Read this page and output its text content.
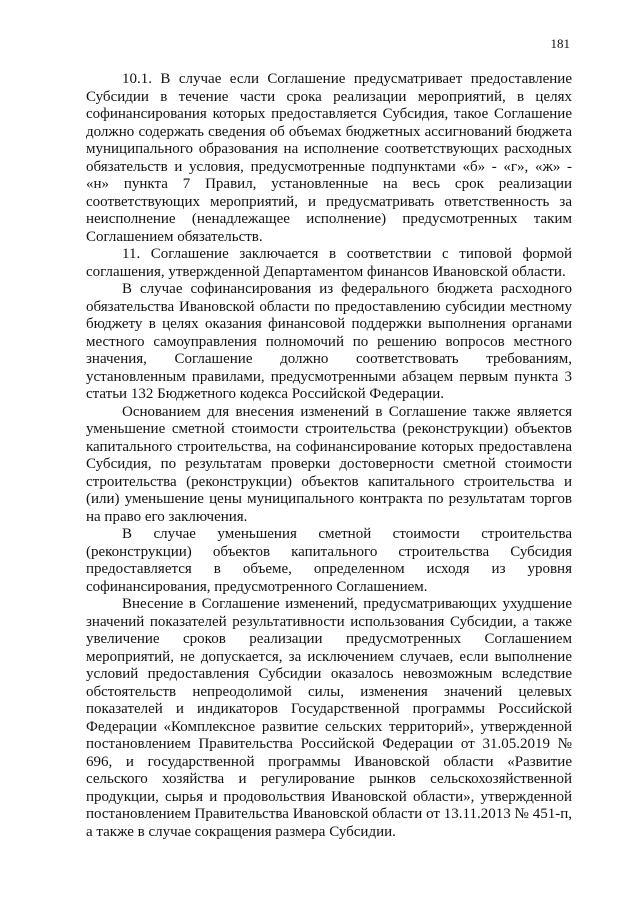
181

10.1. В случае если Соглашение предусматривает предоставление Субсидии в течение части срока реализации мероприятий, в целях софинансирования которых предоставляется Субсидия, такое Соглашение должно содержать сведения об объемах бюджетных ассигнований бюджета муниципального образования на исполнение соответствующих расходных обязательств и условия, предусмотренные подпунктами «б» - «г», «ж» - «н» пункта 7 Правил, установленные на весь срок реализации соответствующих мероприятий, и предусматривать ответственность за неисполнение (ненадлежащее исполнение) предусмотренных таким Соглашением обязательств.

11. Соглашение заключается в соответствии с типовой формой соглашения, утвержденной Департаментом финансов Ивановской области.

В случае софинансирования из федерального бюджета расходного обязательства Ивановской области по предоставлению субсидии местному бюджету в целях оказания финансовой поддержки выполнения органами местного самоуправления полномочий по решению вопросов местного значения, Соглашение должно соответствовать требованиям, установленным правилами, предусмотренными абзацем первым пункта 3 статьи 132 Бюджетного кодекса Российской Федерации.

Основанием для внесения изменений в Соглашение также является уменьшение сметной стоимости строительства (реконструкции) объектов капитального строительства, на софинансирование которых предоставлена Субсидия, по результатам проверки достоверности сметной стоимости строительства (реконструкции) объектов капитального строительства и (или) уменьшение цены муниципального контракта по результатам торгов на право его заключения.

В случае уменьшения сметной стоимости строительства (реконструкции) объектов капитального строительства Субсидия предоставляется в объеме, определенном исходя из уровня софинансирования, предусмотренного Соглашением.

Внесение в Соглашение изменений, предусматривающих ухудшение значений показателей результативности использования Субсидии, а также увеличение сроков реализации предусмотренных Соглашением мероприятий, не допускается, за исключением случаев, если выполнение условий предоставления Субсидии оказалось невозможным вследствие обстоятельств непреодолимой силы, изменения значений целевых показателей и индикаторов Государственной программы Российской Федерации «Комплексное развитие сельских территорий», утвержденной постановлением Правительства Российской Федерации от 31.05.2019 № 696, и государственной программы Ивановской области «Развитие сельского хозяйства и регулирование рынков сельскохозяйственной продукции, сырья и продовольствия Ивановской области», утвержденной постановлением Правительства Ивановской области от 13.11.2013 № 451-п, а также в случае сокращения размера Субсидии.
